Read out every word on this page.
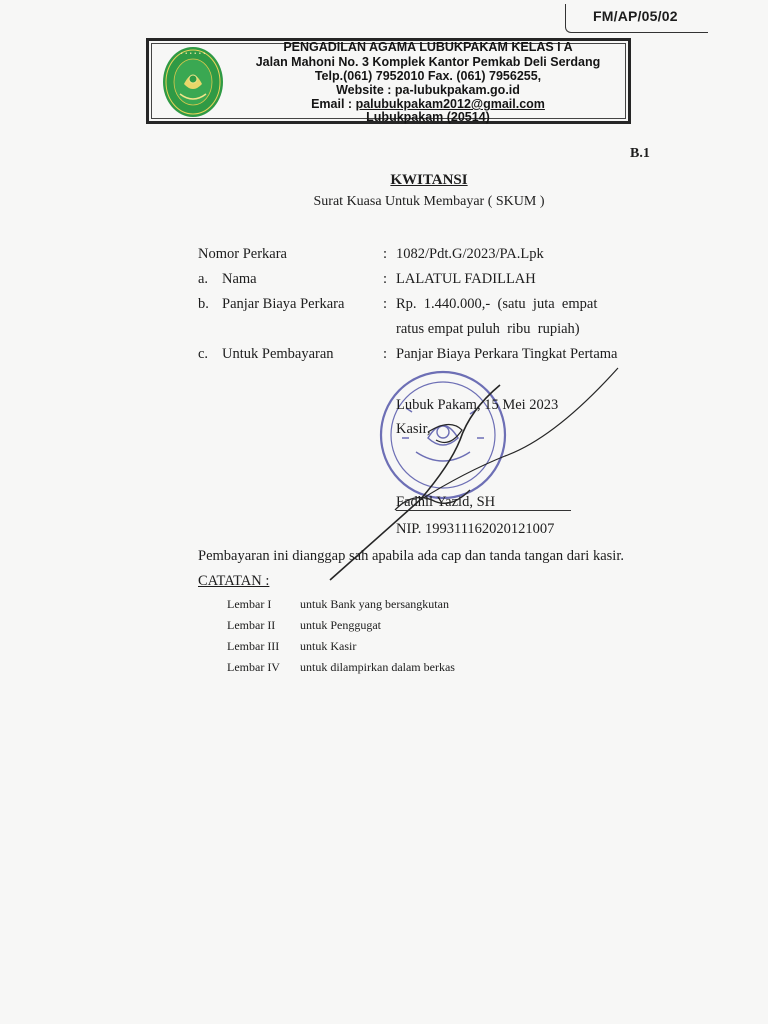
FM/AP/05/02
• • • • • •	PENGADILAN AGAMA LUBUKPAKAM KELAS I A
Jalan Mahoni No. 3 Komplek Kantor Pemkab Deli Serdang
Telp.(061) 7952010 Fax. (061) 7956255,
Website : pa-lubukpakam.go.id
Email : palubukpakam2012@gmail.com
Lubukpakam (20514)
B.1
KWITANSI
Surat Kuasa Untuk Membayar ( SKUM )
Nomor Perkara	: 1082/Pdt.G/2023/PA.Lpk
a. Nama	: LALATUL FADILLAH
b. Panjar Biaya Perkara	: Rp.  1.440.000,-  (satu  juta  empat
ratus empat puluh  ribu  rupiah)
c. Untuk Pembayaran	: Panjar Biaya Perkara Tingkat Pertama
Lubuk Pakam, 15 Mei 2023
Kasir,
Fadhil Yazid, SH
NIP. 199311162020121007
Pembayaran ini dianggap sah apabila ada cap dan tanda tangan dari kasir.
CATATAN :
Lembar I untuk Bank yang bersangkutan
Lembar II untuk Penggugat
Lembar III untuk Kasir
Lembar IV untuk dilampirkan dalam berkas
